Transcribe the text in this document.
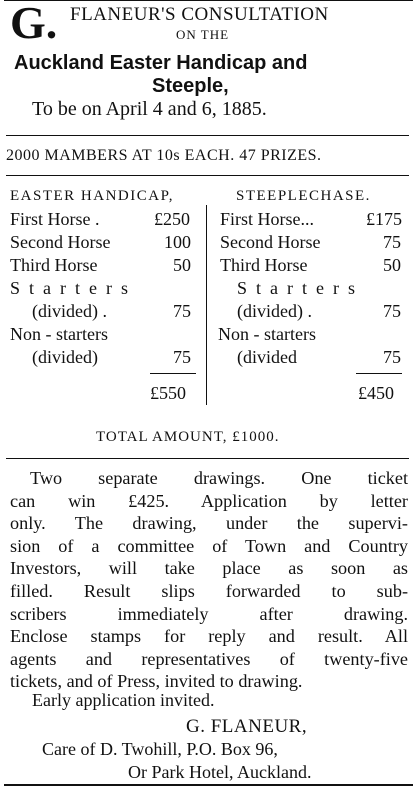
G. FLANEUR'S CONSULTATION
ON THE
Auckland Easter Handicap and
Steeple,
To be on April 4 and 6, 1885.
2000 MAMBERS AT 10s EACH. 47 PRIZES.
EASTER HANDICAP,	STEEPLECHASE.
First Horse .	£250
Second Horse	100
Third Horse	50
Starters
(divided) .	75
Non - starters
(divided)	75
£550
First Horse...	£175
Second Horse	75
Third Horse	50
Starters
(divided) .	75
Non - starters
(divided	75
£450
TOTAL AMOUNT, £1000.
Two separate drawings. One ticket
can win £425. Application by letter
only. The drawing, under the supervi-
sion of a committee of Town and Country
Investors, will take place as soon as
filled. Result slips forwarded to sub-
scribers immediately after drawing.
Enclose stamps for reply and result. All
agents and representatives of twenty-five
tickets, and of Press, invited to drawing.
Early application invited.
G. FLANEUR,
Care of D. Twohill, P.O. Box 96,
Or Park Hotel, Auckland.
